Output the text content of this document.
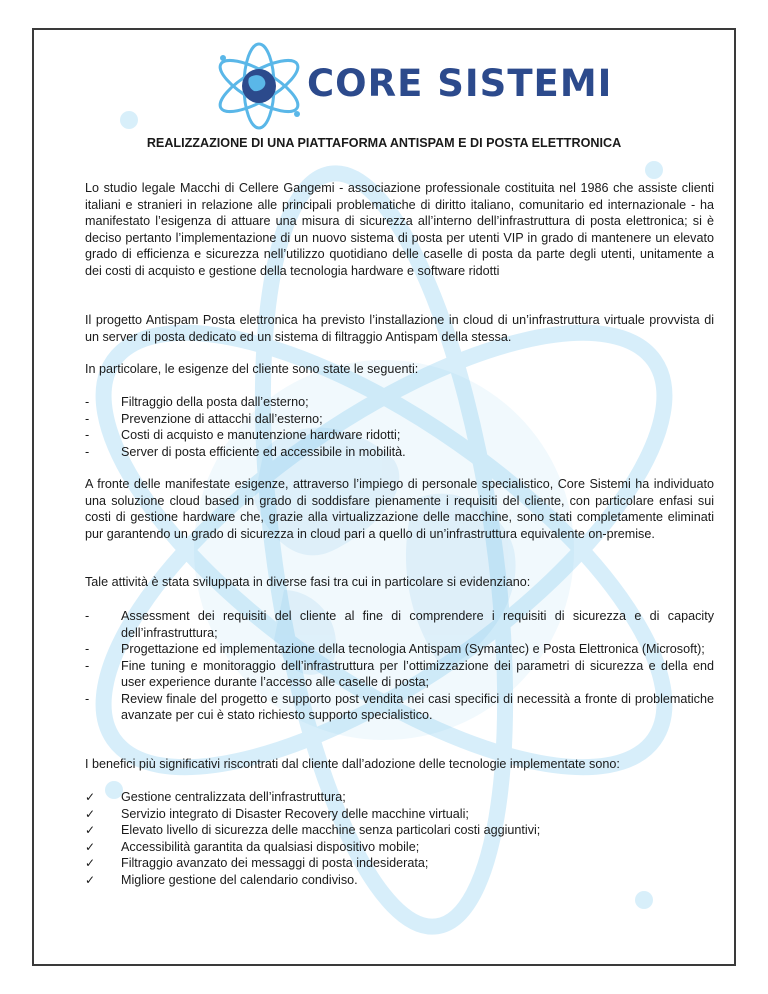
CORE SISTEMI
REALIZZAZIONE DI UNA PIATTAFORMA ANTISPAM E DI POSTA ELETTRONICA

Lo studio legale Macchi di Cellere Gangemi - associazione professionale costituita nel 1986 che assiste clienti italiani e stranieri in relazione alle principali problematiche di diritto italiano, comunitario ed internazionale - ha manifestato l’esigenza di attuare una misura di sicurezza all’interno dell’infrastruttura di posta elettronica; si è deciso pertanto l’implementazione di un nuovo sistema di posta per utenti VIP in grado di mantenere un elevato grado di efficienza e sicurezza nell’utilizzo quotidiano delle caselle di posta da parte degli utenti, unitamente a dei costi di acquisto e gestione della tecnologia hardware e software ridotti

Il progetto Antispam Posta elettronica ha previsto l’installazione in cloud di un’infrastruttura virtuale provvista di un server di posta dedicato ed un sistema di filtraggio Antispam della stessa.

In particolare, le esigenze del cliente sono state le seguenti:

-	Filtraggio della posta dall’esterno;
-	Prevenzione di attacchi dall’esterno;
-	Costi di acquisto e manutenzione hardware ridotti;
-	Server di posta efficiente ed accessibile in mobilità.

A fronte delle manifestate esigenze, attraverso l’impiego di personale specialistico, Core Sistemi ha individuato una soluzione cloud based in grado di soddisfare pienamente i requisiti del cliente, con particolare enfasi sui costi di gestione hardware che, grazie alla virtualizzazione delle macchine, sono stati completamente eliminati pur garantendo un grado di sicurezza in cloud pari a quello di un’infrastruttura equivalente on-premise.

Tale attività è stata sviluppata in diverse fasi tra cui in particolare si evidenziano:

-	Assessment dei requisiti del cliente al fine di comprendere i requisiti di sicurezza e di capacity dell’infrastruttura;
-	Progettazione ed implementazione della tecnologia Antispam (Symantec) e Posta Elettronica (Microsoft);
-	Fine tuning e monitoraggio dell’infrastruttura per l’ottimizzazione dei parametri di sicurezza e della end user experience durante l’accesso alle caselle di posta;
-	Review finale del progetto e supporto post vendita nei casi specifici di necessità a fronte di problematiche avanzate per cui è stato richiesto supporto specialistico.

I benefici più significativi riscontrati dal cliente dall’adozione delle tecnologie implementate sono:

✓	Gestione centralizzata dell’infrastruttura;
✓	Servizio integrato di Disaster Recovery delle macchine virtuali;
✓	Elevato livello di sicurezza delle macchine senza particolari costi aggiuntivi;
✓	Accessibilità garantita da qualsiasi dispositivo mobile;
✓	Filtraggio avanzato dei messaggi di posta indesiderata;
✓	Migliore gestione del calendario condiviso.
